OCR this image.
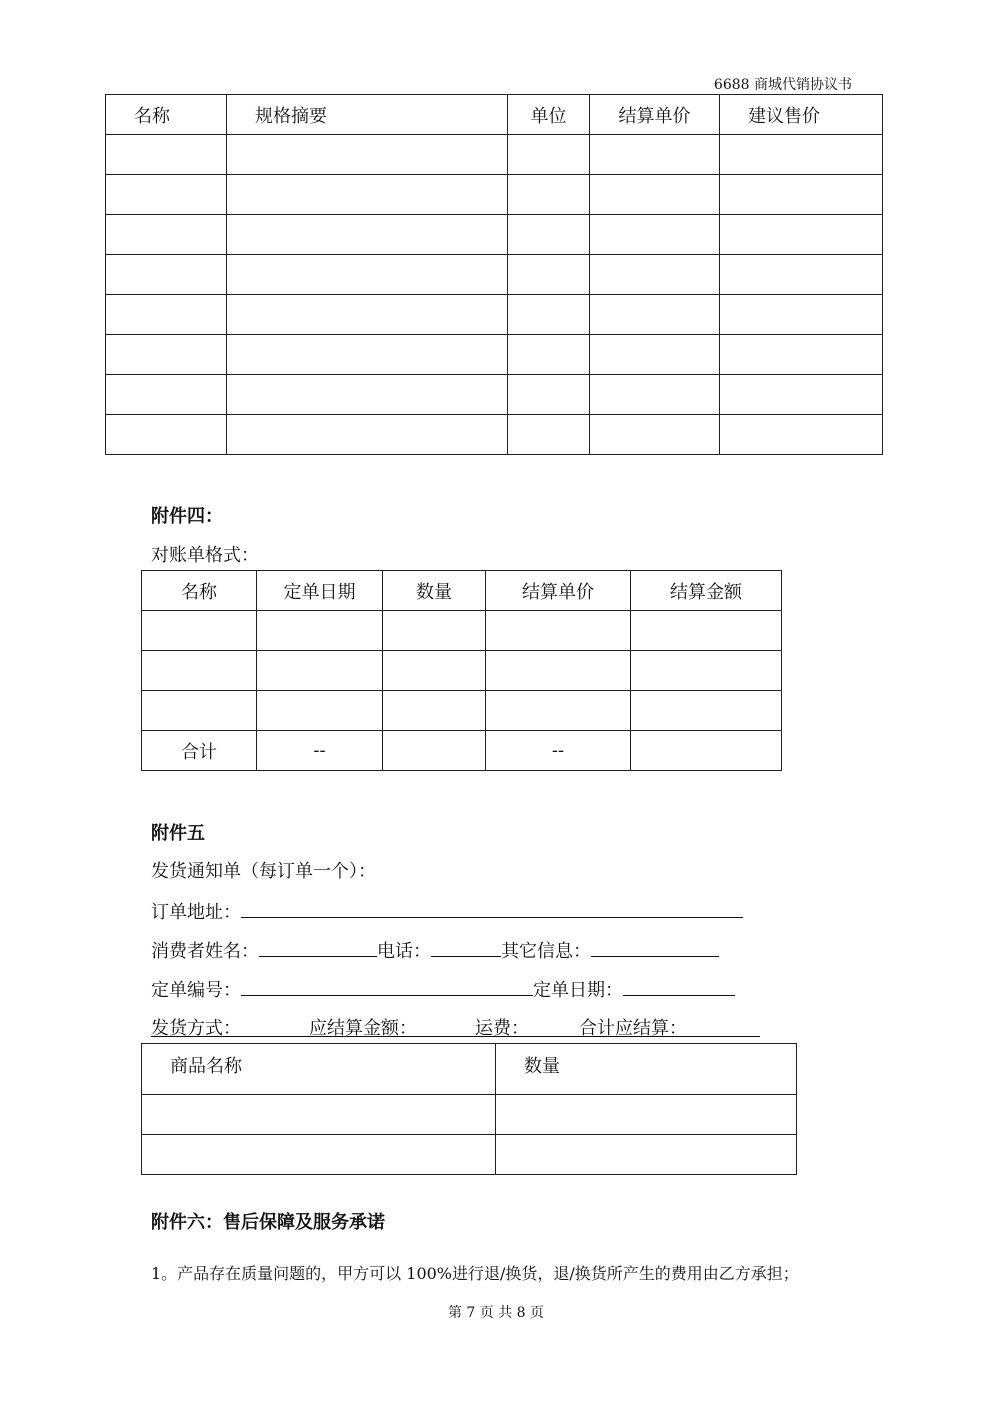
6688 商城代销协议书
名称	规格摘要	单位	结算单价	建议售价

附件四：
对账单格式：
名称	定单日期	数量	结算单价	结算金额

合计	--		--	
附件五
发货通知单（每订单一个）：
订单地址：
消费者姓名：	电话：	其它信息：
定单编号：	定单日期：
发货方式：	应结算金额：	运费：	合计应结算：
商品名称	数量

附件六：售后保障及服务承诺
1。产品存在质量问题的，甲方可以 100%进行退/换货，退/换货所产生的费用由乙方承担；
第 7 页 共 8 页
